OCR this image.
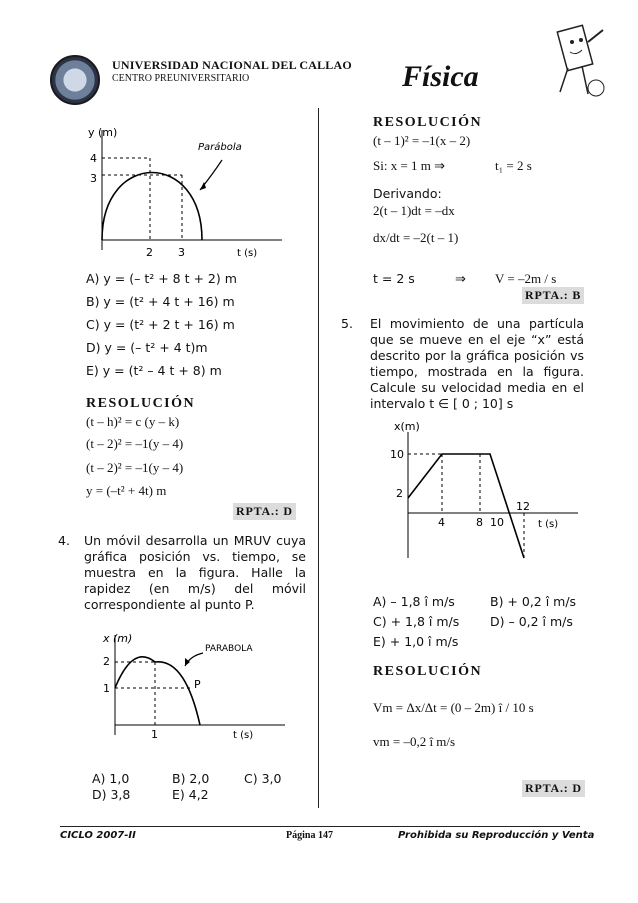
UNIVERSIDAD NACIONAL DEL CALLAO
CENTRO PREUNIVERSITARIO	Física
y (m)
t (s)
Parábola
4
3
2 3
A) y = (– t² + 8 t + 2) m
B) y = (t² + 4 t + 16) m
C) y = (t² + 2 t + 16) m
D) y = (– t² + 4 t)m
E) y = (t² – 4 t + 8) m
RESOLUCIÓN
(t – h)² = c (y – k)
(t – 2)² = –1(y – 4)
(t – 2)² = –1(y – 4)
y = (–t² + 4t) m
RPTA.: D
4. Un móvil desarrolla un MRUV cuya gráfica posición vs. tiempo, se muestra en la figura. Halle la rapidez (en m/s) del móvil correspondiente al punto P.
x (m)
t (s)
PARABOLA
P
2
1
1
A) 1,0	B) 2,0	C) 3,0
D) 3,8	E) 4,2
RESOLUCIÓN
(t – 1)² = –1(x – 2)
Si: x = 1 m ⇒	t₁ = 2 s
Derivando:
2(t – 1)dt = –dx
dx/dt = –2(t – 1)
t = 2 s	⇒ V = –2m / s
RPTA.: B
5. El movimiento de una partícula que se mueve en el eje “x” está descrito por la gráfica posición vs tiempo, mostrada en la figura. Calcule su velocidad media en el intervalo t ∈ [ 0 ; 10] s
x(m)
t (s)
10
2
4	8 10
12
A) – 1,8 î m/s	B) + 0,2 î m/s
C) + 1,8 î m/s D) – 0,2 î m/s
E) + 1,0 î m/s
RESOLUCIÓN
Vm = Δx/Δt = (0 – 2m) î / 10 s
vm = –0,2 î m/s
RPTA.: D
CICLO 2007-II	Página 147	Prohibida su Reproducción y Venta
